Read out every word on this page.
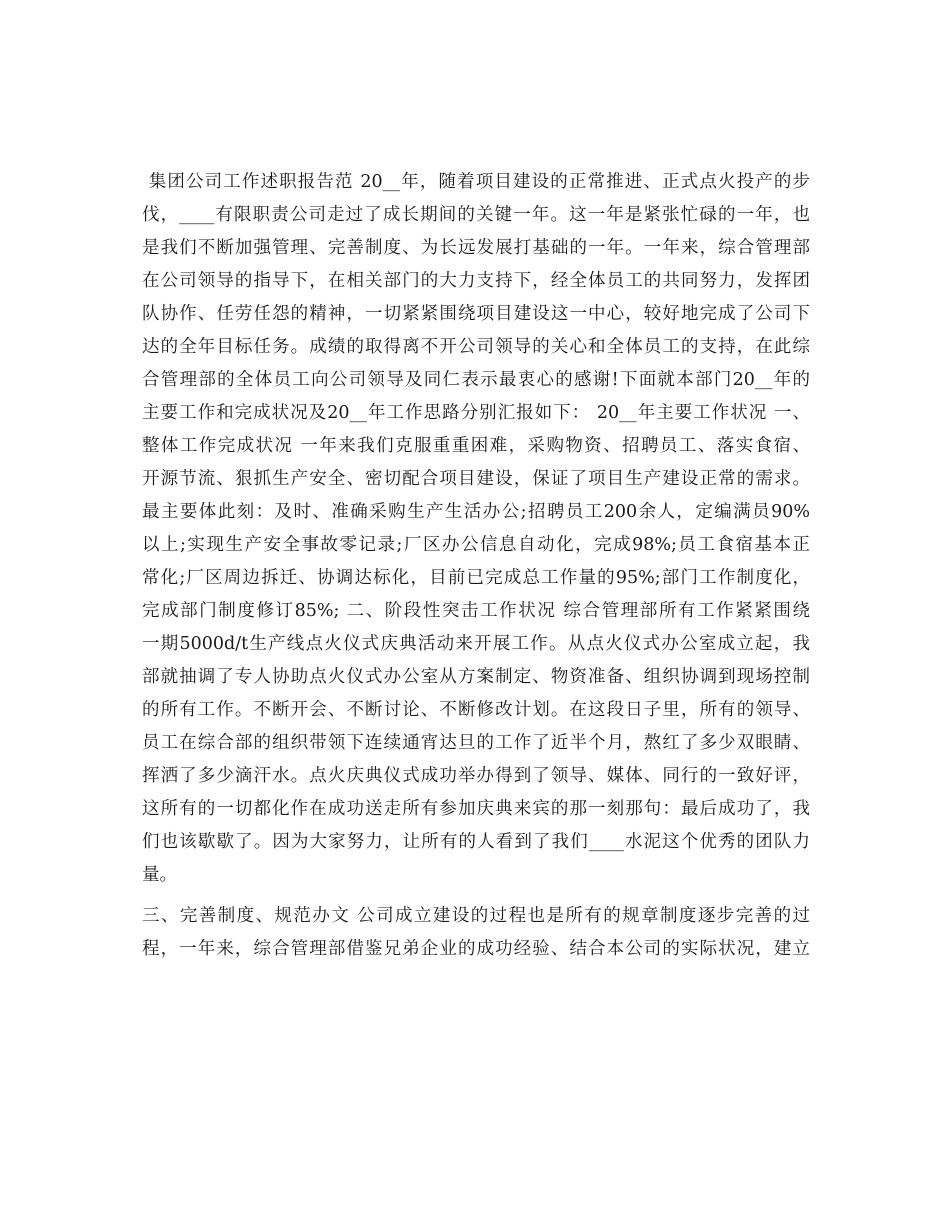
集团公司工作述职报告范 20__年，随着项目建设的正常推进、正式点火投产的步
伐，____有限职责公司走过了成长期间的关键一年。这一年是紧张忙碌的一年，也
是我们不断加强管理、完善制度、为长远发展打基础的一年。一年来，综合管理部
在公司领导的指导下，在相关部门的大力支持下，经全体员工的共同努力，发挥团
队协作、任劳任怨的精神，一切紧紧围绕项目建设这一中心，较好地完成了公司下
达的全年目标任务。成绩的取得离不开公司领导的关心和全体员工的支持，在此综
合管理部的全体员工向公司领导及同仁表示最衷心的感谢!下面就本部门20__年的
主要工作和完成状况及20__年工作思路分别汇报如下： 20__年主要工作状况 一、
整体工作完成状况 一年来我们克服重重困难，采购物资、招聘员工、落实食宿、
开源节流、狠抓生产安全、密切配合项目建设，保证了项目生产建设正常的需求。
最主要体此刻：及时、准确采购生产生活办公;招聘员工200余人，定编满员90%
以上;实现生产安全事故零记录;厂区办公信息自动化，完成98%;员工食宿基本正
常化;厂区周边拆迁、协调达标化，目前已完成总工作量的95%;部门工作制度化，
完成部门制度修订85%; 二、阶段性突击工作状况 综合管理部所有工作紧紧围绕
一期5000d/t生产线点火仪式庆典活动来开展工作。从点火仪式办公室成立起，我
部就抽调了专人协助点火仪式办公室从方案制定、物资准备、组织协调到现场控制
的所有工作。不断开会、不断讨论、不断修改计划。在这段日子里，所有的领导、
员工在综合部的组织带领下连续通宵达旦的工作了近半个月，熬红了多少双眼睛、
挥洒了多少滴汗水。点火庆典仪式成功举办得到了领导、媒体、同行的一致好评，
这所有的一切都化作在成功送走所有参加庆典来宾的那一刻那句：最后成功了，我
们也该歇歇了。因为大家努力，让所有的人看到了我们____水泥这个优秀的团队力
量。
三、完善制度、规范办文 公司成立建设的过程也是所有的规章制度逐步完善的过
程，一年来，综合管理部借鉴兄弟企业的成功经验、结合本公司的实际状况，建立
